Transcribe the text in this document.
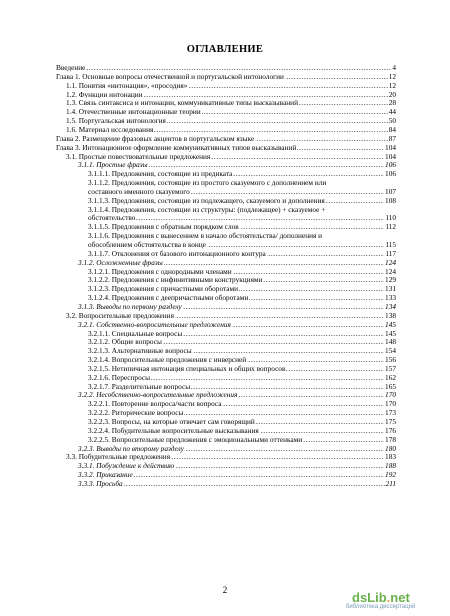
ОГЛАВЛЕНИЕ
4
Введение
12
Глава 1. Основные вопросы отечественной и португальской интонологии
12
1.1. Понятия «интонация», «просодия»
20
1.2. Функции интонации
28
1.3. Связь синтаксиса и интонации, коммуникативные типы высказываний
44
1.4. Отечественные интонационные теории
50
1.5. Португальская интонология
84
1.6. Материал исследования
87
Глава 2. Размещение фразовых акцентов в португальском языке
104
Глава 3. Интонационное оформление коммуникативных типов высказываний
104
3.1. Простые повествовательные предложения
106
3.1.1. Простые фразы
106
3.1.1.1. Предложения, состоящие из предиката
3.1.1.2. Предложения, состоящие из простого сказуемого с дополнением или
107
составного именного сказуемого
108
3.1.1.3. Предложения, состоящие из подлежащего, сказуемого и дополнения
3.1.1.4. Предложения, состоящие из структуры: (подлежащее) + сказуемое +
110
обстоятельство
112
3.1.1.5. Предложения с обратным порядком слов
3.1.1.6. Предложения с вынесением в начало обстоятельства/ дополнения и
115
обособлением обстоятельства в конце
117
3.1.1.7. Отклонения от базового интонационного контура
124
3.1.2. Осложненные фразы
124
3.1.2.1. Предложения с однородными членами
129
3.1.2.2. Предложения с инфинитивными конструкциями
131
3.1.2.3. Предложения с причастными оборотами
133
3.1.2.4. Предложения с деепричастными оборотами
134
3.1.3. Выводы по первому разделу
138
3.2. Вопросительные предложения
145
3.2.1. Собственно-вопросительные предложения
145
3.2.1.1. Специальные вопросы
148
3.2.1.2. Общие вопросы
154
3.2.1.3. Альтернативные вопросы
156
3.2.1.4. Вопросительные предложения с инверсией
157
3.2.1.5. Нетипичная интонация специальных и общих вопросов
162
3.2.1.6. Переспросы
165
3.2.1.7. Разделительные вопросы
170
3.2.2. Несобственно-вопросительные предложения
170
3.2.2.1. Повторение вопроса/части вопроса
173
3.2.2.2. Риторические вопросы
175
3.2.2.3. Вопросы, на которые отвечает сам говорящий
176
3.2.2.4. Побудительные вопросительные высказывания
178
3.2.2.5. Вопросительные предложения с эмоциональными оттенками
180
3.2.3. Выводы по второму разделу
183
3.3. Побудительные предложения
188
3.3.1. Побуждение к действию
192
3.3.2. Приказание
211
3.3.3. Просьба
2	dsLib.net
библиотека диссертаций
